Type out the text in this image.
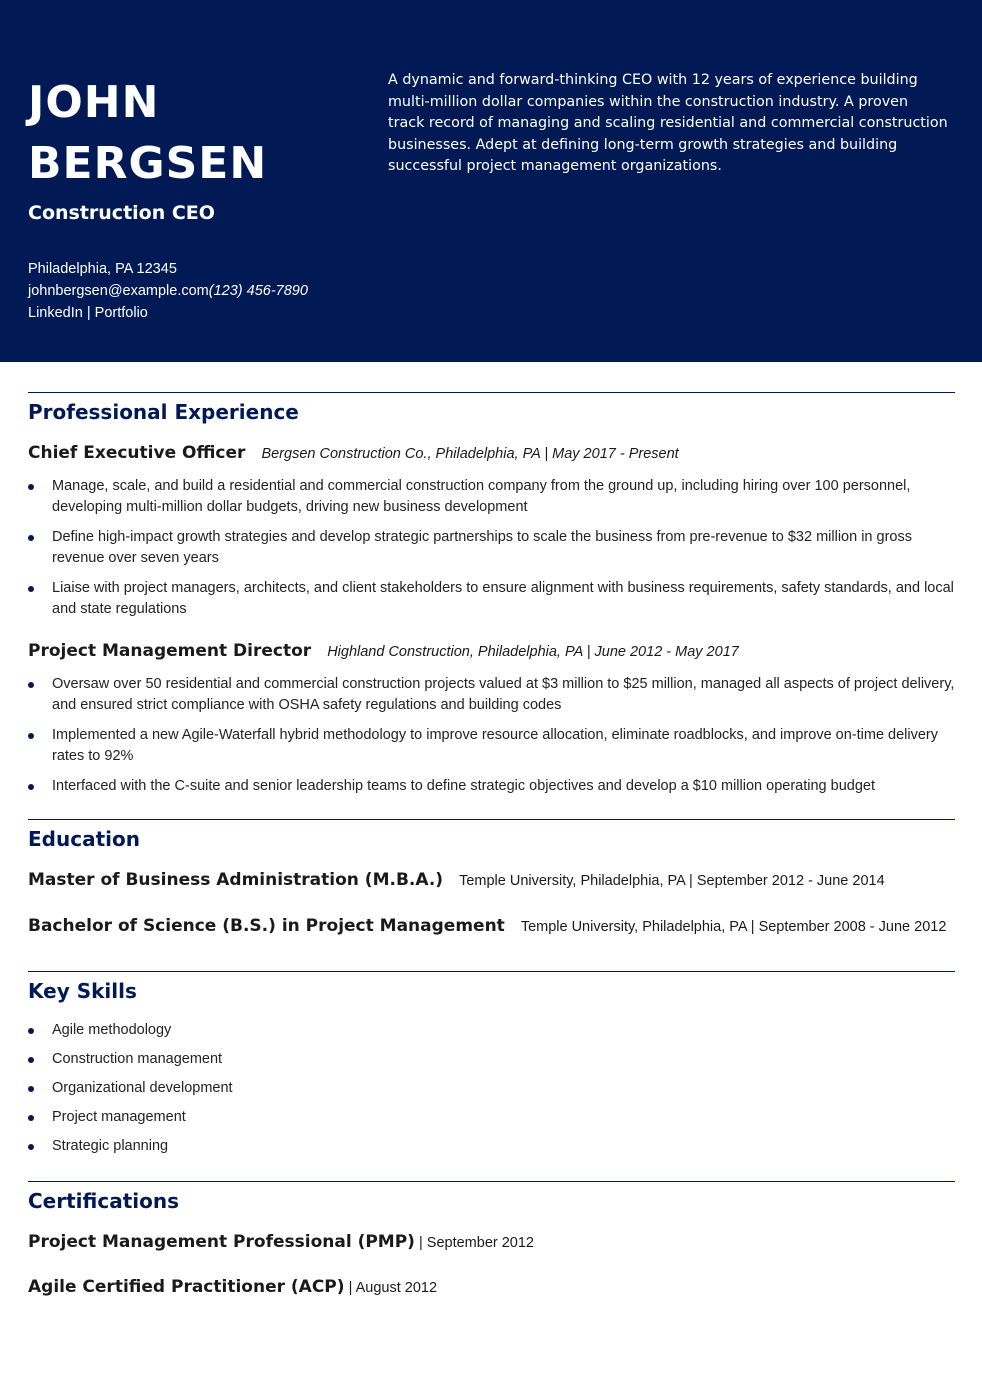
JOHN
BERGSEN
Construction CEO
Philadelphia, PA 12345
johnbergsen@example.com(123) 456-7890
LinkedIn | Portfolio
A dynamic and forward-thinking CEO with 12 years of experience building multi-million dollar companies within the construction industry. A proven track record of managing and scaling residential and commercial construction businesses. Adept at defining long-term growth strategies and building successful project management organizations.
Professional Experience
Chief Executive Officer Bergsen Construction Co., Philadelphia, PA | May 2017 - Present
Manage, scale, and build a residential and commercial construction company from the ground up, including hiring over 100 personnel, developing multi-million dollar budgets, driving new business development
Define high-impact growth strategies and develop strategic partnerships to scale the business from pre-revenue to $32 million in gross revenue over seven years
Liaise with project managers, architects, and client stakeholders to ensure alignment with business requirements, safety standards, and local and state regulations
Project Management Director Highland Construction, Philadelphia, PA | June 2012 - May 2017
Oversaw over 50 residential and commercial construction projects valued at $3 million to $25 million, managed all aspects of project delivery, and ensured strict compliance with OSHA safety regulations and building codes
Implemented a new Agile-Waterfall hybrid methodology to improve resource allocation, eliminate roadblocks, and improve on-time delivery rates to 92%
Interfaced with the C-suite and senior leadership teams to define strategic objectives and develop a $10 million operating budget
Education
Master of Business Administration (M.B.A.) Temple University, Philadelphia, PA | September 2012 - June 2014
Bachelor of Science (B.S.) in Project Management Temple University, Philadelphia, PA | September 2008 - June 2012
Key Skills
Agile methodology
Construction management
Organizational development
Project management
Strategic planning
Certifications
Project Management Professional (PMP) | September 2012
Agile Certified Practitioner (ACP) | August 2012
